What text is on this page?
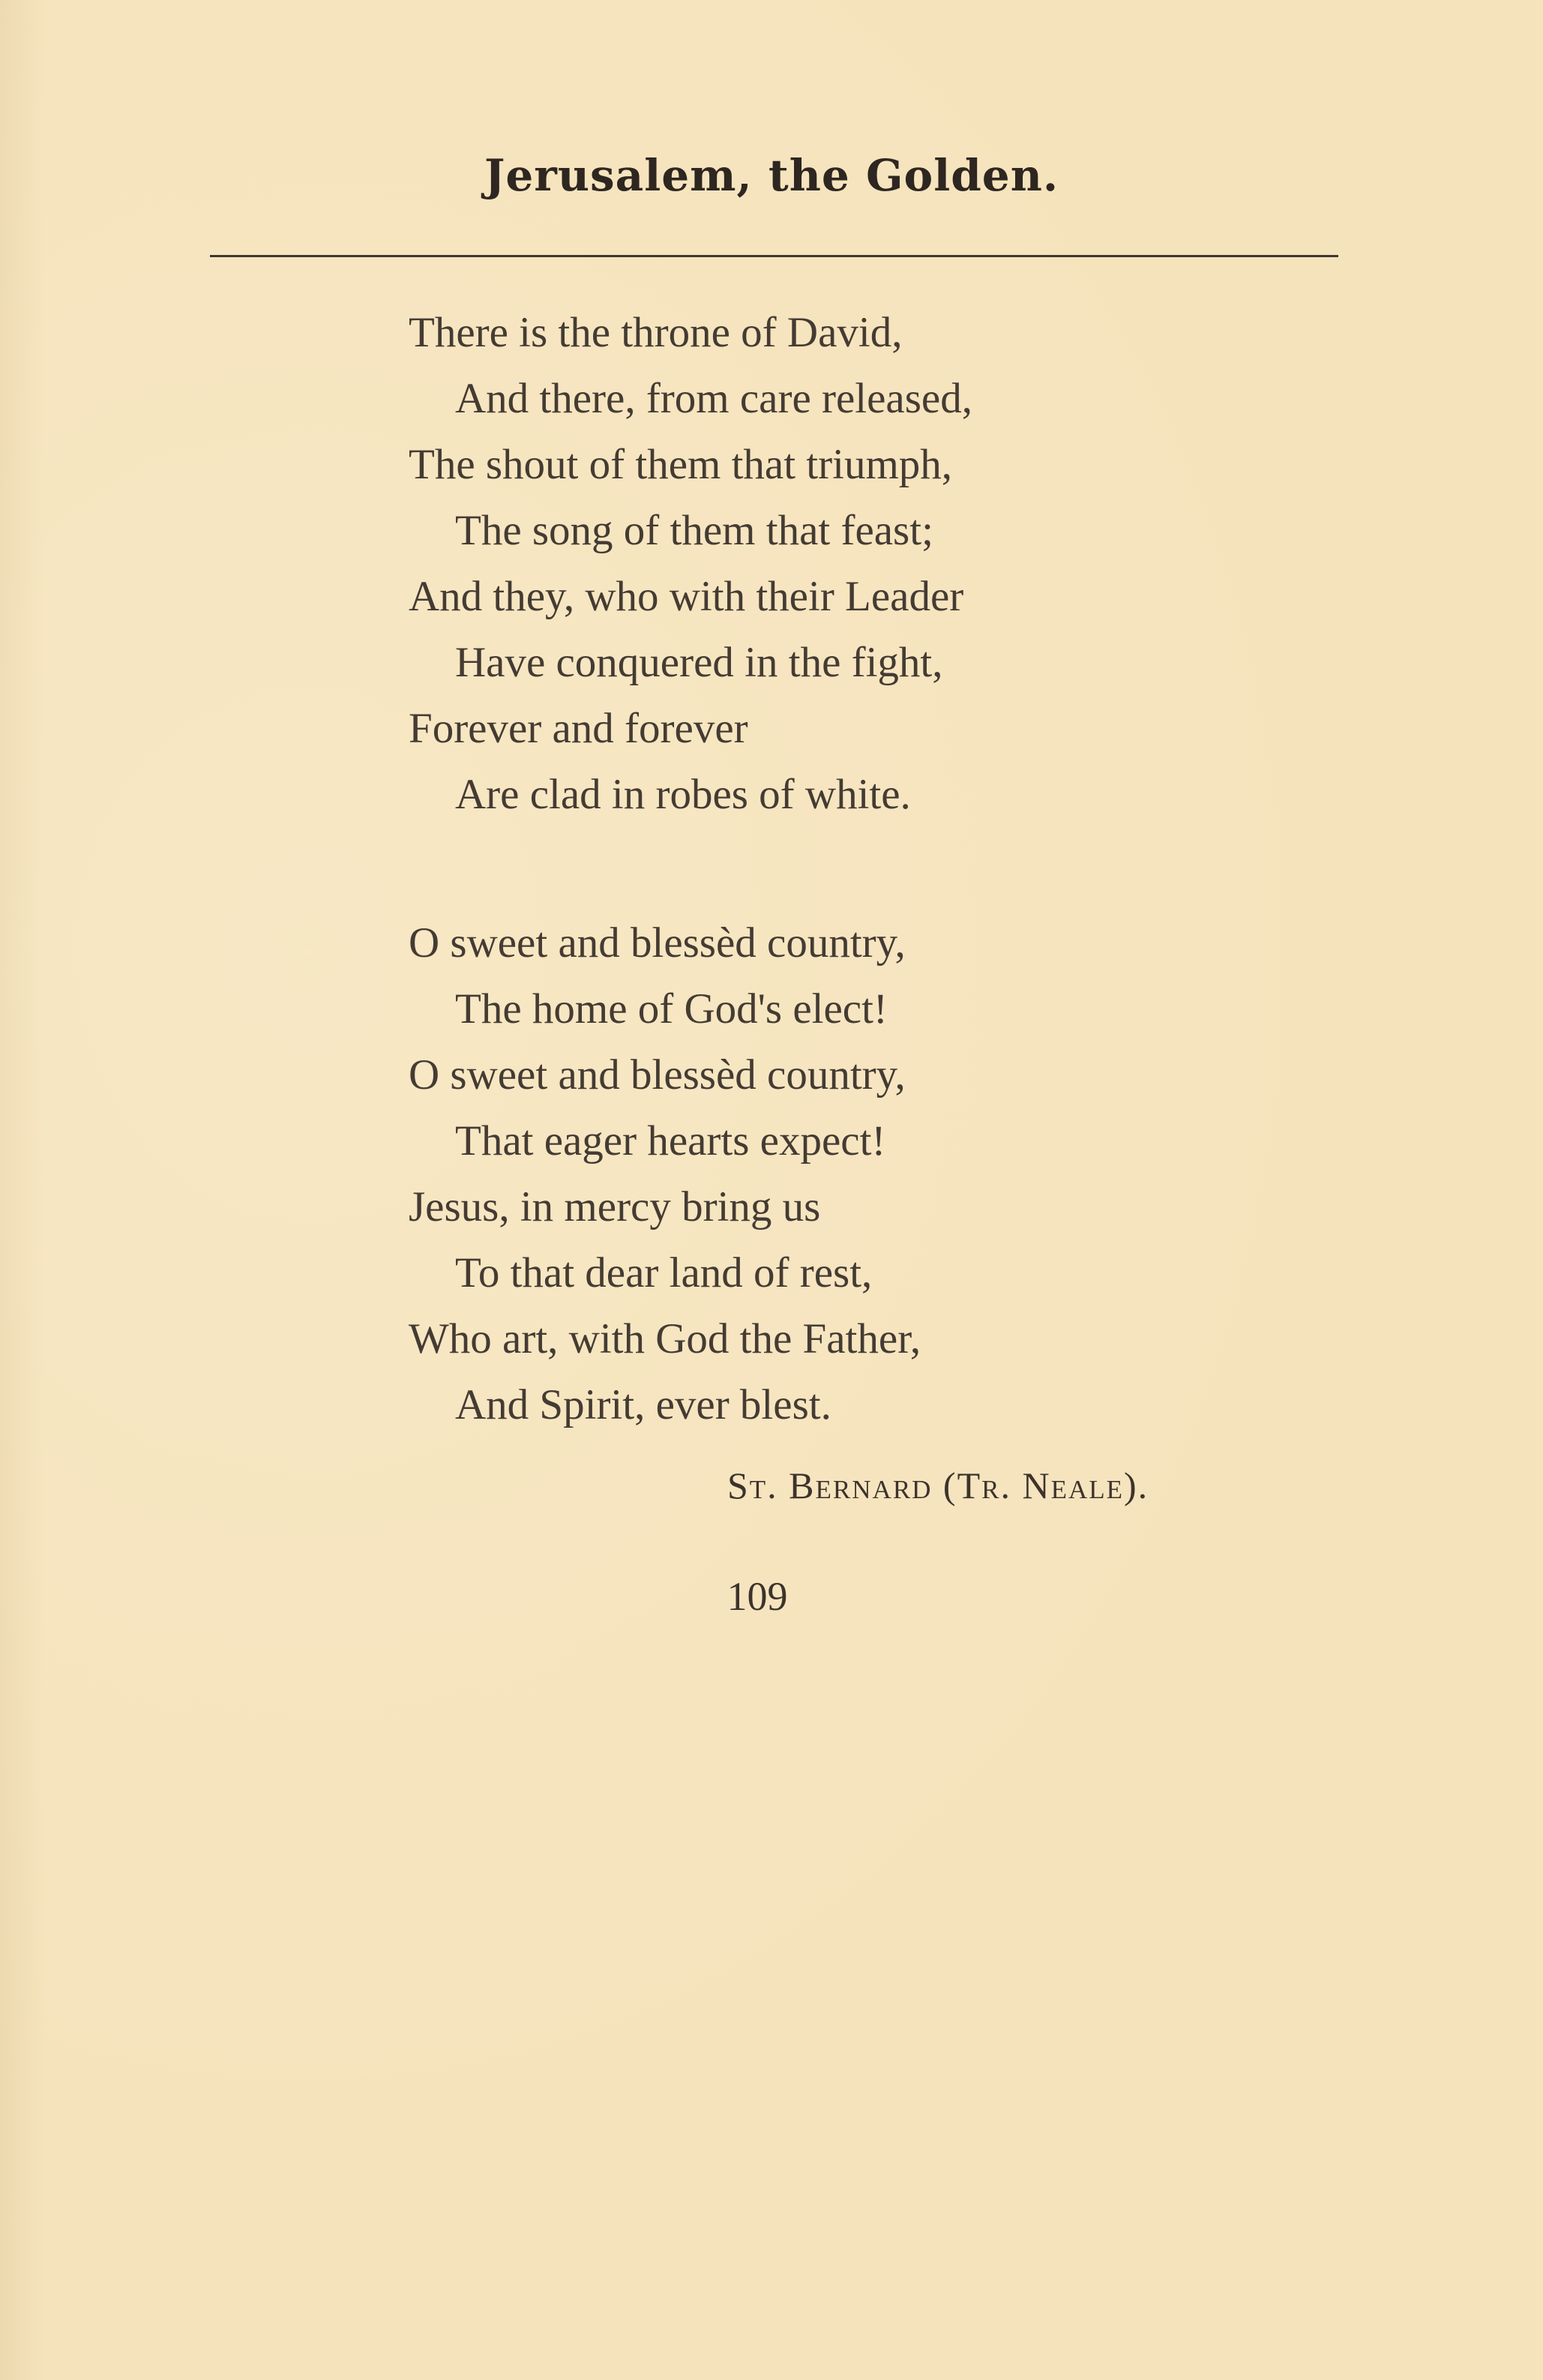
Jerusalem, the Golden.
There is the throne of David,
And there, from care released,
The shout of them that triumph,
The song of them that feast;
And they, who with their Leader
Have conquered in the fight,
Forever and forever
Are clad in robes of white.
O sweet and blessèd country,
The home of God's elect!
O sweet and blessèd country,
That eager hearts expect!
Jesus, in mercy bring us
To that dear land of rest,
Who art, with God the Father,
And Spirit, ever blest.
St. Bernard (Tr. Neale).
109
